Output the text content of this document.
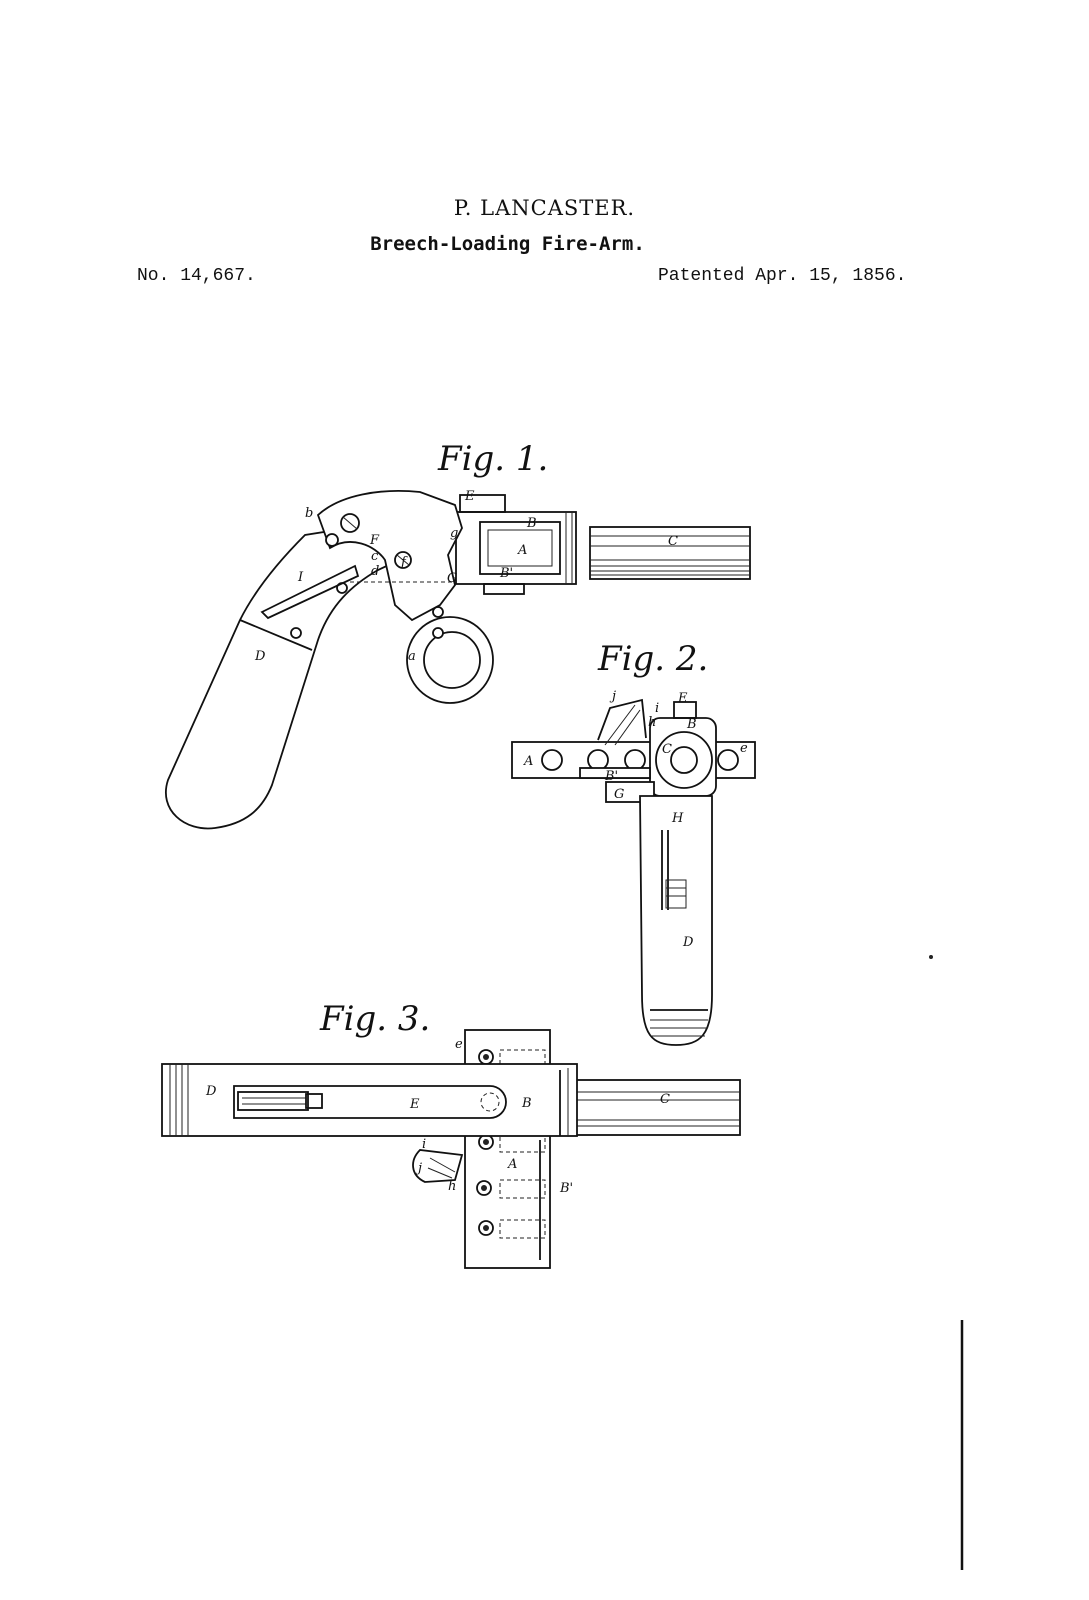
P. LANCASTER.
Breech-Loading Fire-Arm.
No. 14,667.	Patented Apr. 15, 1856.
Fig. 1.
A
B
B'
C
D
E
F
G
I
a
b
c
d
f
g
Fig. 2.
A
B
B'
C
D
E
G
H
e
i
h
j
Fig. 3.
A
B
B'
C
D
E
e
i
j
h
